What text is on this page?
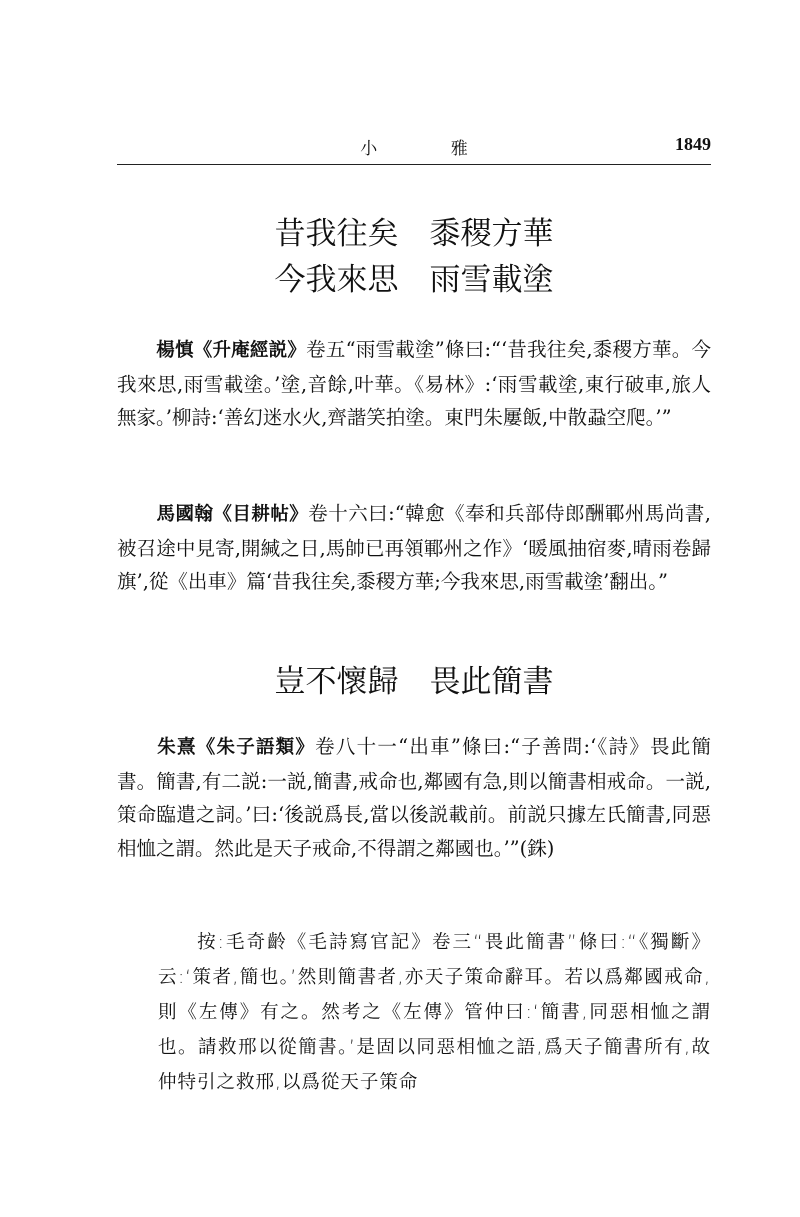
小 雅	1849
昔我往矣　黍稷方華
今我來思　雨雪載塗
楊慎《升庵經説》卷五“雨雪載塗”條曰:“‘昔我往矣,黍稷方華。今我來思,雨雪載塗。’塗,音餘,叶華。《易林》:‘雨雪載塗,東行破車,旅人無家。’柳詩:‘善幻迷水火,齊諧笑拍塗。東門朱屢飯,中散蝨空爬。’”
馬國翰《目耕帖》卷十六曰:“韓愈《奉和兵部侍郎酬鄆州馬尚書,被召途中見寄,開緘之日,馬帥已再領鄆州之作》‘暖風抽宿麥,晴雨卷歸旗’,從《出車》篇‘昔我往矣,黍稷方華;今我來思,雨雪載塗’翻出。”
豈不懷歸　畏此簡書
朱熹《朱子語類》卷八十一“出車”條曰:“子善問:‘《詩》畏此簡書。簡書,有二説:一説,簡書,戒命也,鄰國有急,則以簡書相戒命。一説,策命臨遣之詞。’曰:‘後説爲長,當以後説載前。前説只據左氏簡書,同惡相恤之謂。然此是天子戒命,不得謂之鄰國也。’”(銖)
按:毛奇齡《毛詩寫官記》卷三“畏此簡書”條曰:“《獨斷》云:‘策者,簡也。’然則簡書者,亦天子策命辭耳。若以爲鄰國戒命,則《左傳》有之。然考之《左傳》管仲曰:‘簡書,同惡相恤之謂也。請救邢以從簡書。’是固以同惡相恤之語,爲天子簡書所有,故仲特引之救邢,以爲從天子策命
